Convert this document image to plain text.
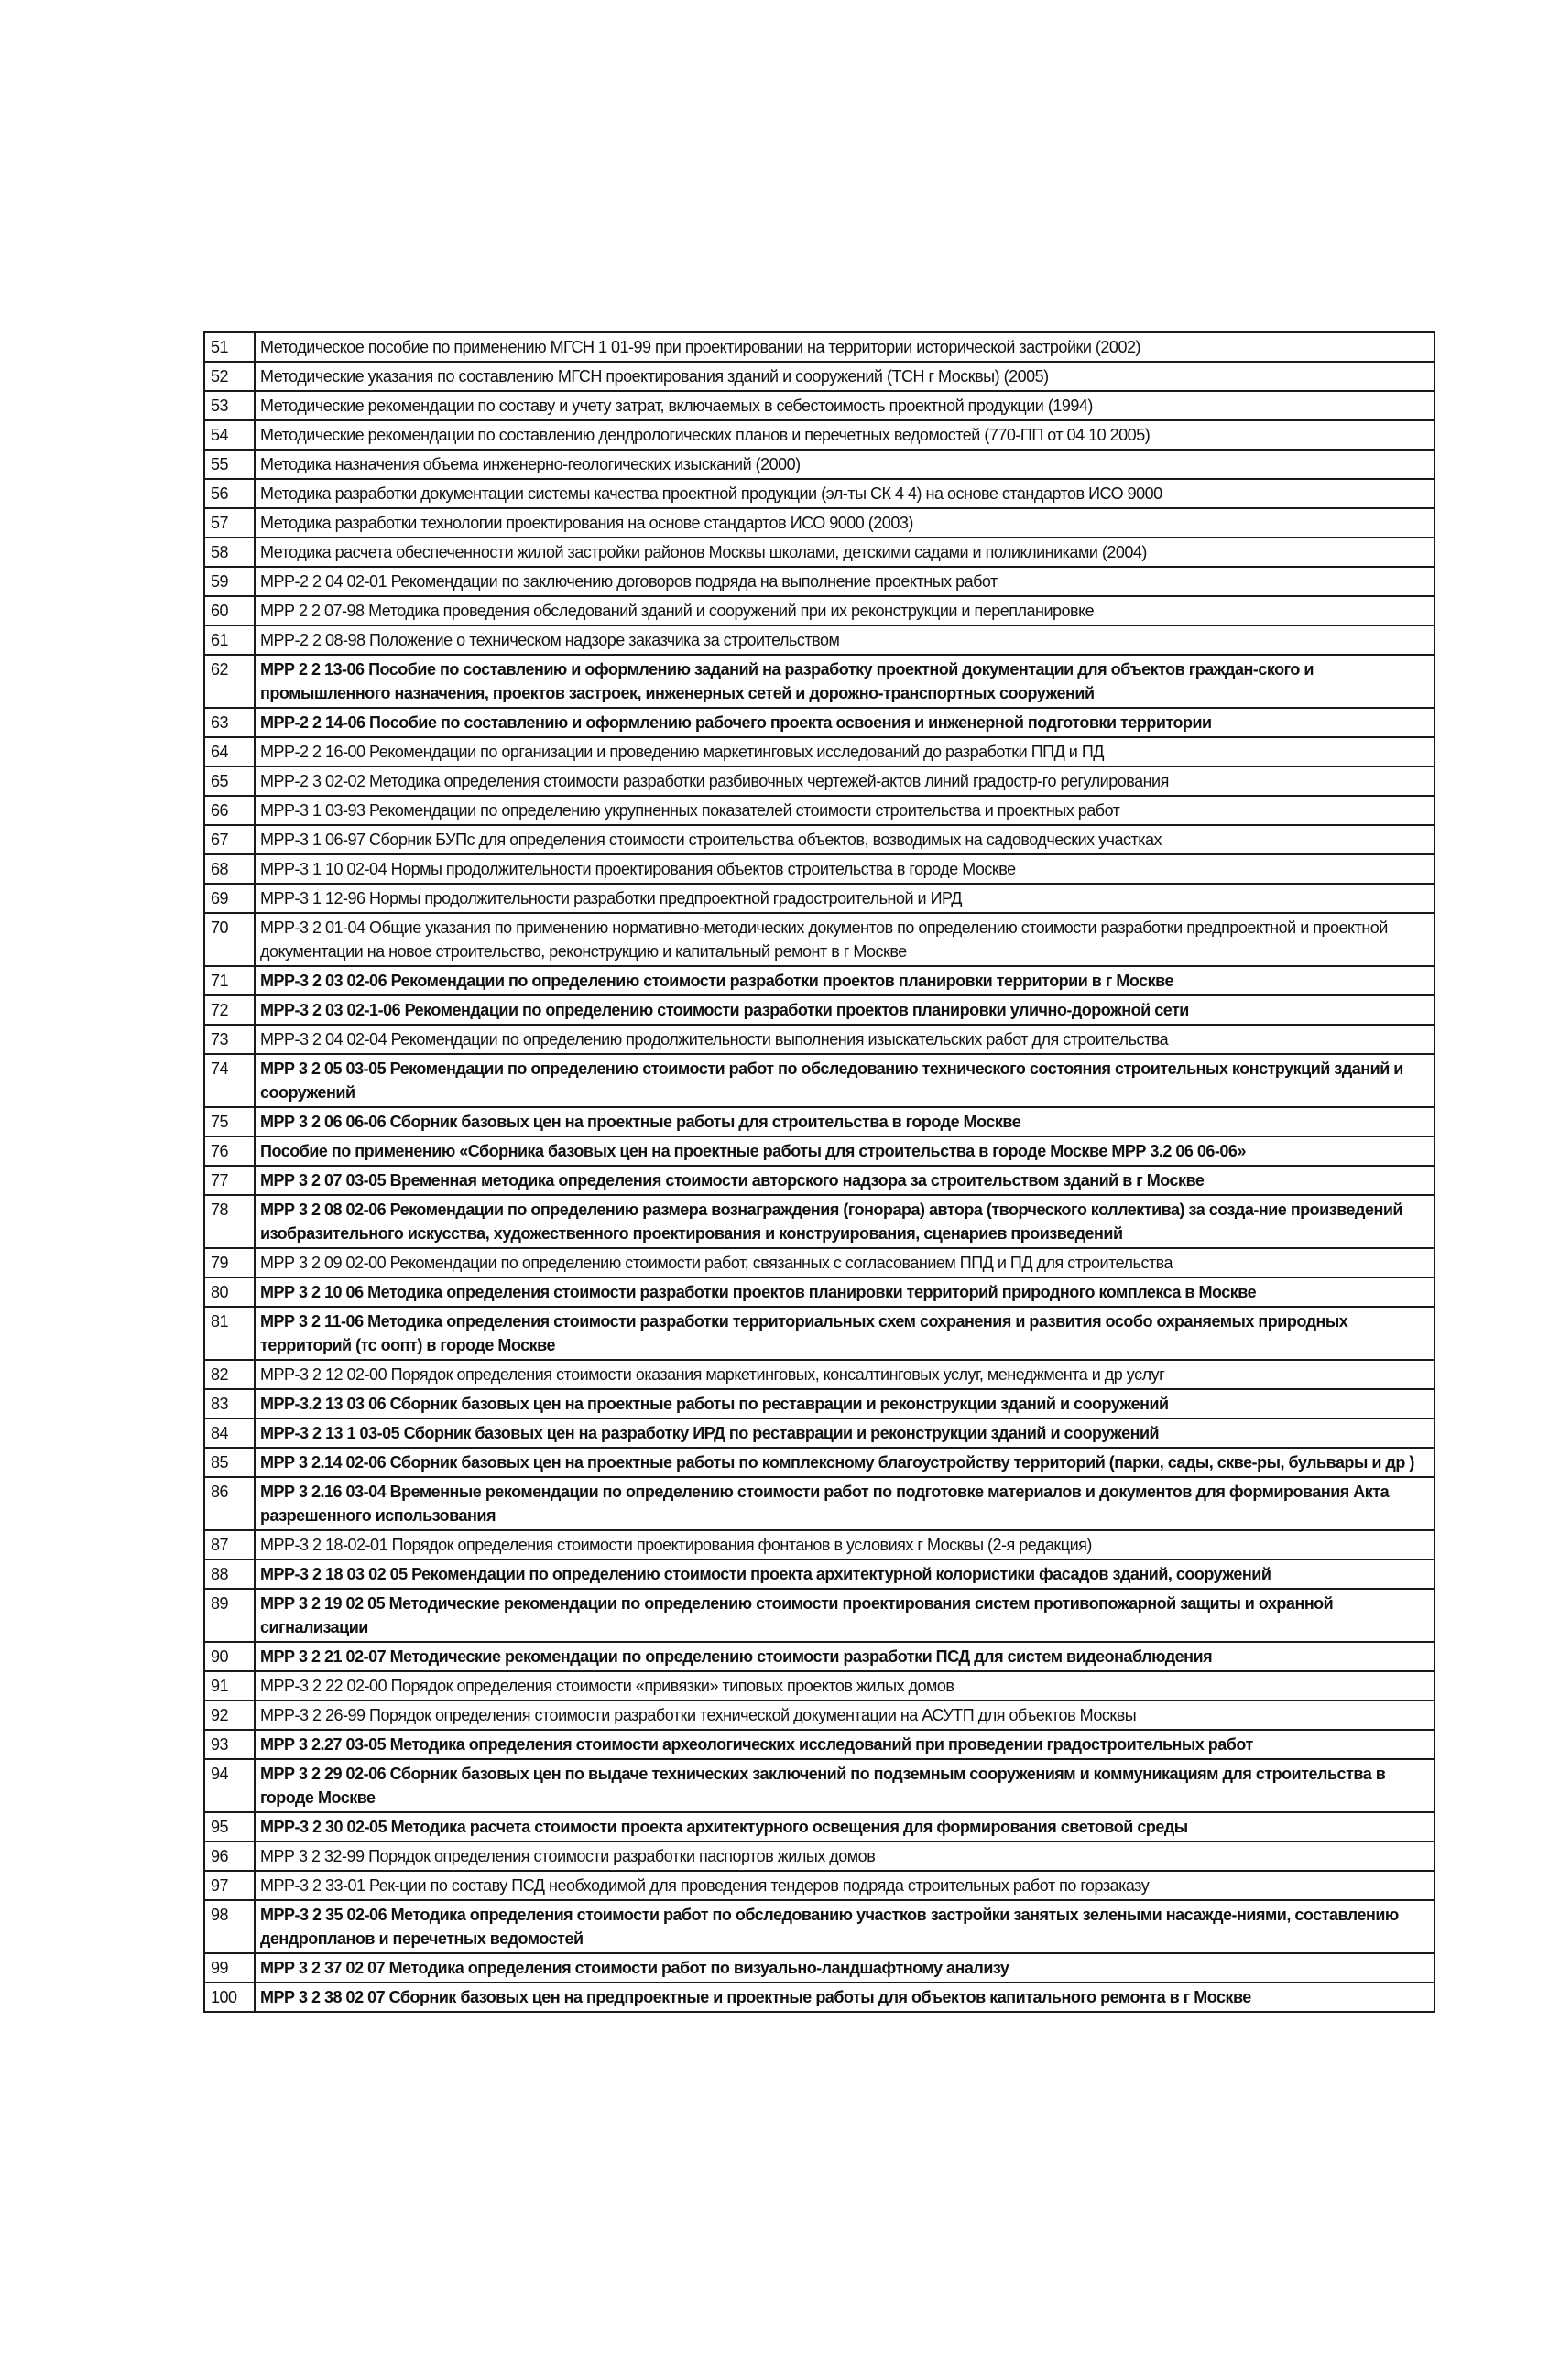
51	Методическое пособие по применению МГСН 1 01-99 при проектировании на территории исторической застройки (2002)
52	Методические указания по составлению МГСН проектирования зданий и сооружений (ТСН г Москвы) (2005)
53	Методические рекомендации по составу и учету затрат, включаемых в себестоимость проектной продукции (1994)
54	Методические рекомендации по составлению дендрологических планов и перечетных ведомостей (770-ПП от 04 10 2005)
55	Методика назначения объема инженерно-геологических изысканий (2000)
56	Методика разработки документации системы качества проектной продукции (эл-ты СК 4 4) на основе стандартов ИСО 9000
57	Методика разработки технологии проектирования на основе стандартов ИСО 9000 (2003)
58	Методика расчета обеспеченности жилой застройки районов Москвы школами, детскими садами и поликлиниками (2004)
59	МРР-2 2 04 02-01 Рекомендации по заключению договоров подряда на выполнение проектных работ
60	МРР 2 2 07-98 Методика проведения обследований зданий и сооружений при их реконструкции и перепланировке
61	МРР-2 2 08-98 Положение о техническом надзоре заказчика за строительством
62	МРР 2 2 13-06 Пособие по составлению и оформлению заданий на разработку проектной документации для объектов граждан-ского и промышленного назначения, проектов застроек, инженерных сетей и дорожно-транспортных сооружений
63	МРР-2 2 14-06 Пособие по составлению и оформлению рабочего проекта освоения и инженерной подготовки территории
64	МРР-2 2 16-00 Рекомендации по организации и проведению маркетинговых исследований до разработки ППД и ПД
65	МРР-2 3 02-02 Методика определения стоимости разработки разбивочных чертежей-актов линий градостр-го регулирования
66	МРР-3 1 03-93 Рекомендации по определению укрупненных показателей стоимости строительства и проектных работ
67	МРР-3 1 06-97 Сборник БУПс для определения стоимости строительства объектов, возводимых на садоводческих участках
68	МРР-3 1 10 02-04 Нормы продолжительности проектирования объектов строительства в городе Москве
69	МРР-3 1 12-96 Нормы продолжительности разработки предпроектной градостроительной и ИРД
70	МРР-3 2 01-04 Общие указания по применению нормативно-методических документов по определению стоимости разработки предпроектной и проектной документации на новое строительство, реконструкцию и капитальный ремонт в г Москве
71	МРР-3 2 03 02-06 Рекомендации по определению стоимости разработки проектов планировки территории в г Москве
72	МРР-3 2 03 02-1-06 Рекомендации по определению стоимости разработки проектов планировки улично-дорожной сети
73	МРР-3 2 04 02-04 Рекомендации по определению продолжительности выполнения изыскательских работ для строительства
74	МРР 3 2 05 03-05 Рекомендации по определению стоимости работ по обследованию технического состояния строительных конструкций зданий и сооружений
75	МРР 3 2 06 06-06 Сборник базовых цен на проектные работы для строительства в городе Москве
76	Пособие по применению «Сборника базовых цен на проектные работы для строительства в городе Москве МРР 3.2 06 06-06»
77	МРР 3 2 07 03-05 Временная методика определения стоимости авторского надзора за строительством зданий в г Москве
78	МРР 3 2 08 02-06 Рекомендации по определению размера вознаграждения (гонорара) автора (творческого коллектива) за созда-ние произведений изобразительного искусства, художественного проектирования и конструирования, сценариев произведений
79	МРР 3 2 09 02-00 Рекомендации по определению стоимости работ, связанных с согласованием ППД и ПД для строительства
80	МРР 3 2 10 06 Методика определения стоимости разработки проектов планировки территорий природного комплекса в Москве
81	МРР 3 2 11-06 Методика определения стоимости разработки территориальных схем сохранения и развития особо охраняемых природных территорий (тс оопт) в городе Москве
82	МРР-3 2 12 02-00 Порядок определения стоимости оказания маркетинговых, консалтинговых услуг, менеджмента и др услуг
83	МРР-3.2 13 03 06 Сборник базовых цен на проектные работы по реставрации и реконструкции зданий и сооружений
84	МРР-3 2 13 1 03-05 Сборник базовых цен на разработку ИРД по реставрации и реконструкции зданий и сооружений
85	МРР 3 2.14 02-06 Сборник базовых цен на проектные работы по комплексному благоустройству территорий (парки, сады, скве-ры, бульвары и др )
86	МРР 3 2.16 03-04 Временные рекомендации по определению стоимости работ по подготовке материалов и документов для формирования Акта разрешенного использования
87	МРР-3 2 18-02-01 Порядок определения стоимости проектирования фонтанов в условиях г Москвы (2-я редакция)
88	МРР-3 2 18 03 02 05 Рекомендации по определению стоимости проекта архитектурной колористики фасадов зданий, сооружений
89	МРР 3 2 19 02 05 Методические рекомендации по определению стоимости проектирования систем противопожарной защиты и охранной сигнализации
90	МРР 3 2 21 02-07 Методические рекомендации по определению стоимости разработки ПСД для систем видеонаблюдения
91	МРР-3 2 22 02-00 Порядок определения стоимости «привязки» типовых проектов жилых домов
92	МРР-3 2 26-99 Порядок определения стоимости разработки технической документации на АСУТП для объектов Москвы
93	МРР 3 2.27 03-05 Методика определения стоимости археологических исследований при проведении градостроительных работ
94	МРР 3 2 29 02-06 Сборник базовых цен по выдаче технических заключений по подземным сооружениям и коммуникациям для строительства в городе Москве
95	МРР-3 2 30 02-05 Методика расчета стоимости проекта архитектурного освещения для формирования световой среды
96	МРР 3 2 32-99 Порядок определения стоимости разработки паспортов жилых домов
97	МРР-3 2 33-01 Рек-ции по составу ПСД необходимой для проведения тендеров подряда строительных работ по горзаказу
98	МРР-3 2 35 02-06 Методика определения стоимости работ по обследованию участков застройки занятых зелеными насажде-ниями, составлению дендропланов и перечетных ведомостей
99	МРР 3 2 37 02 07 Методика определения стоимости работ по визуально-ландшафтному анализу
100	МРР 3 2 38 02 07 Сборник базовых цен на предпроектные и проектные работы для объектов капитального ремонта в г Москве
